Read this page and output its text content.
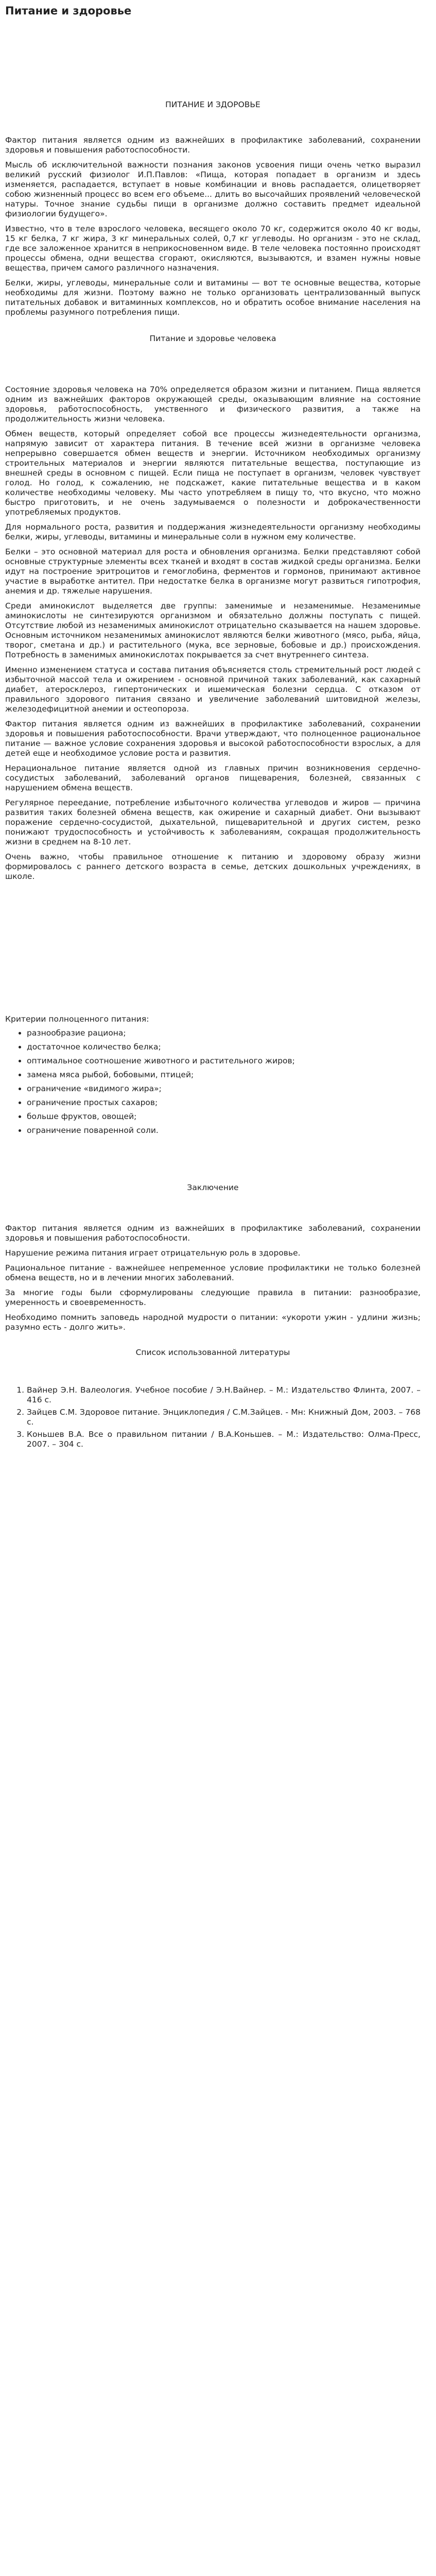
Питание и здоровье
ПИТАНИЕ И ЗДОРОВЬЕ

Фактор питания является одним из важнейших в профилактике заболеваний, сохранении здоровья и повышения работоспособности.

Мысль об исключительной важности познания законов усвоения пищи очень четко выразил великий русский физиолог И.П.Павлов: «Пища, которая попадает в организм и здесь изменяется, распадается, вступает в новые комбинации и вновь распадается, олицетворяет собою жизненный процесс во всем его объеме... длить во высочайших проявлений человеческой натуры. Точное знание судьбы пищи в организме должно составить предмет идеальной физиологии будущего».

Известно, что в теле взрослого человека, весящего около 70 кг, содержится около 40 кг воды, 15 кг белка, 7 кг жира, 3 кг минеральных солей, 0,7 кг углеводы. Но организм - это не склад, где все заложенное хранится в неприкосновенном виде. В теле человека постоянно происходят процессы обмена, одни вещества сгорают, окисляются, вызываются, и взамен нужны новые вещества, причем самого различного назначения.

Белки, жиры, углеводы, минеральные соли и витамины — вот те основные вещества, которые необходимы для жизни. Поэтому важно не только организовать централизованный выпуск питательных добавок и витаминных комплексов, но и обратить особое внимание населения на проблемы разумного потребления пищи.

Питание и здоровье человека

Состояние здоровья человека на 70% определяется образом жизни и питанием. Пища является одним из важнейших факторов окружающей среды, оказывающим влияние на состояние здоровья, работоспособность, умственного и физического развития, а также на продолжительность жизни человека.

Обмен веществ, который определяет собой все процессы жизнедеятельности организма, напрямую зависит от характера питания. В течение всей жизни в организме человека непрерывно совершается обмен веществ и энергии. Источником необходимых организму строительных материалов и энергии являются питательные вещества, поступающие из внешней среды в основном с пищей. Если пища не поступает в организм, человек чувствует голод. Но голод, к сожалению, не подскажет, какие питательные вещества и в каком количестве необходимы человеку. Мы часто употребляем в пищу то, что вкусно, что можно быстро приготовить, и не очень задумываемся о полезности и доброкачественности употребляемых продуктов.

Для нормального роста, развития и поддержания жизнедеятельности организму необходимы белки, жиры, углеводы, витамины и минеральные соли в нужном ему количестве.

Белки – это основной материал для роста и обновления организма. Белки представляют собой основные структурные элементы всех тканей и входят в состав жидкой среды организма. Белки идут на построение эритроцитов и гемоглобина, ферментов и гормонов, принимают активное участие в выработке антител. При недостатке белка в организме могут развиться гипотрофия, анемия и др. тяжелые нарушения.

Среди аминокислот выделяется две группы: заменимые и незаменимые. Незаменимые аминокислоты не синтезируются организмом и обязательно должны поступать с пищей. Отсутствие любой из незаменимых аминокислот отрицательно сказывается на нашем здоровье. Основным источником незаменимых аминокислот являются белки животного (мясо, рыба, яйца, творог, сметана и др.) и растительного (мука, все зерновые, бобовые и др.) происхождения. Потребность в заменимых аминокислотах покрывается за счет внутреннего синтеза.

Именно изменением статуса и состава питания объясняется столь стремительный рост людей с избыточной массой тела и ожирением - основной причиной таких заболеваний, как сахарный диабет, атеросклероз, гипертонических и ишемическая болезни сердца. С отказом от правильного здорового питания связано и увеличение заболеваний шитовидной железы, железодефицитной анемии и остеопороза.

Фактор питания является одним из важнейших в профилактике заболеваний, сохранении здоровья и повышения работоспособности. Врачи утверждают, что полноценное рациональное питание — важное условие сохранения здоровья и высокой работоспособности взрослых, а для детей еще и необходимое условие роста и развития.

Нерациональное питание является одной из главных причин возникновения сердечно-сосудистых заболеваний, заболеваний органов пищеварения, болезней, связанных с нарушением обмена веществ.

Регулярное переедание, потребление избыточного количества углеводов и жиров — причина развития таких болезней обмена веществ, как ожирение и сахарный диабет. Они вызывают поражение сердечно-сосудистой, дыхательной, пищеварительной и других систем, резко понижают трудоспособность и устойчивость к заболеваниям, сокращая продолжительность жизни в среднем на 8-10 лет.

Очень важно, чтобы правильное отношение к питанию и здоровому образу жизни формировалось с раннего детского возраста в семье, детских дошкольных учреждениях, в школе.

Критерии полноценного питания:
• разнообразие рациона;
• достаточное количество белка;
• оптимальное соотношение животного и растительного жиров;
• замена мяса рыбой, бобовыми, птицей;
• ограничение «видимого жира»;
• ограничение простых сахаров;
• больше фруктов, овощей;
• ограничение поваренной соли.
Заключение

Фактор питания является одним из важнейших в профилактике заболеваний, сохранении здоровья и повышения работоспособности.

Нарушение режима питания играет отрицательную роль в здоровье.

Рациональное питание - важнейшее непременное условие профилактики не только болезней обмена веществ, но и в лечении многих заболеваний.

За многие годы были сформулированы следующие правила в питании: разнообразие, умеренность и своевременность.

Необходимо помнить заповедь народной мудрости о питании: «укороти ужин - удлини жизнь; разумно есть - долго жить».

Список использованной литературы
1. Вайнер Э.Н. Валеология. Учебное пособие / Э.Н.Вайнер. – М.: Издательство Флинта, 2007. – 416 с.
2. Зайцев С.М. Здоровое питание. Энциклопедия / С.М.Зайцев. - Мн: Книжный Дом, 2003. – 768 с.
3. Коньшев В.А. Все о правильном питании / В.А.Коньшев. – М.: Издательство: Олма-Пресс, 2007. – 304 с.
